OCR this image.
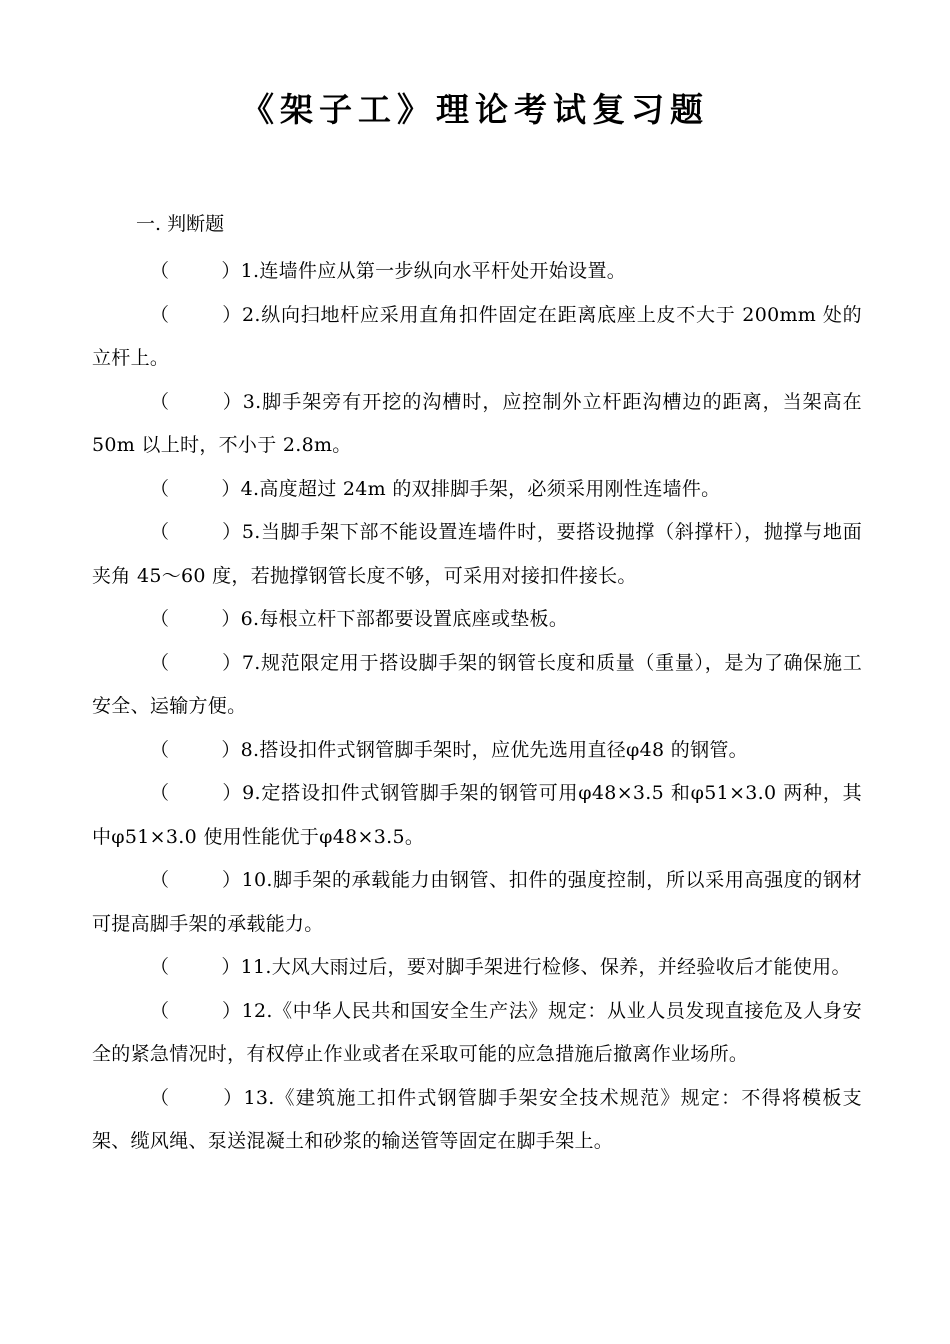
《架子工》理论考试复习题
一. 判断题

（	）1.连墙件应从第一步纵向水平杆处开始设置。

（	）2.纵向扫地杆应采用直角扣件固定在距离底座上皮不大于 200mm 处的立杆上。

（	）3.脚手架旁有开挖的沟槽时，应控制外立杆距沟槽边的距离，当架高在 50m 以上时，不小于 2.8m。

（	）4.高度超过 24m 的双排脚手架，必须采用刚性连墙件。

（	）5.当脚手架下部不能设置连墙件时，要搭设抛撑（斜撑杆），抛撑与地面夹角 45～60 度，若抛撑钢管长度不够，可采用对接扣件接长。

（	）6.每根立杆下部都要设置底座或垫板。

（	）7.规范限定用于搭设脚手架的钢管长度和质量（重量），是为了确保施工安全、运输方便。

（	）8.搭设扣件式钢管脚手架时，应优先选用直径φ48 的钢管。

（	）9.定搭设扣件式钢管脚手架的钢管可用φ48×3.5 和φ51×3.0 两种，其中φ51×3.0 使用性能优于φ48×3.5。

（	）10.脚手架的承载能力由钢管、扣件的强度控制，所以采用高强度的钢材可提高脚手架的承载能力。

（	）11.大风大雨过后，要对脚手架进行检修、保养，并经验收后才能使用。

（	）12.《中华人民共和国安全生产法》规定：从业人员发现直接危及人身安全的紧急情况时，有权停止作业或者在采取可能的应急措施后撤离作业场所。

（	）13.《建筑施工扣件式钢管脚手架安全技术规范》规定：不得将模板支架、缆风绳、泵送混凝土和砂浆的输送管等固定在脚手架上。
